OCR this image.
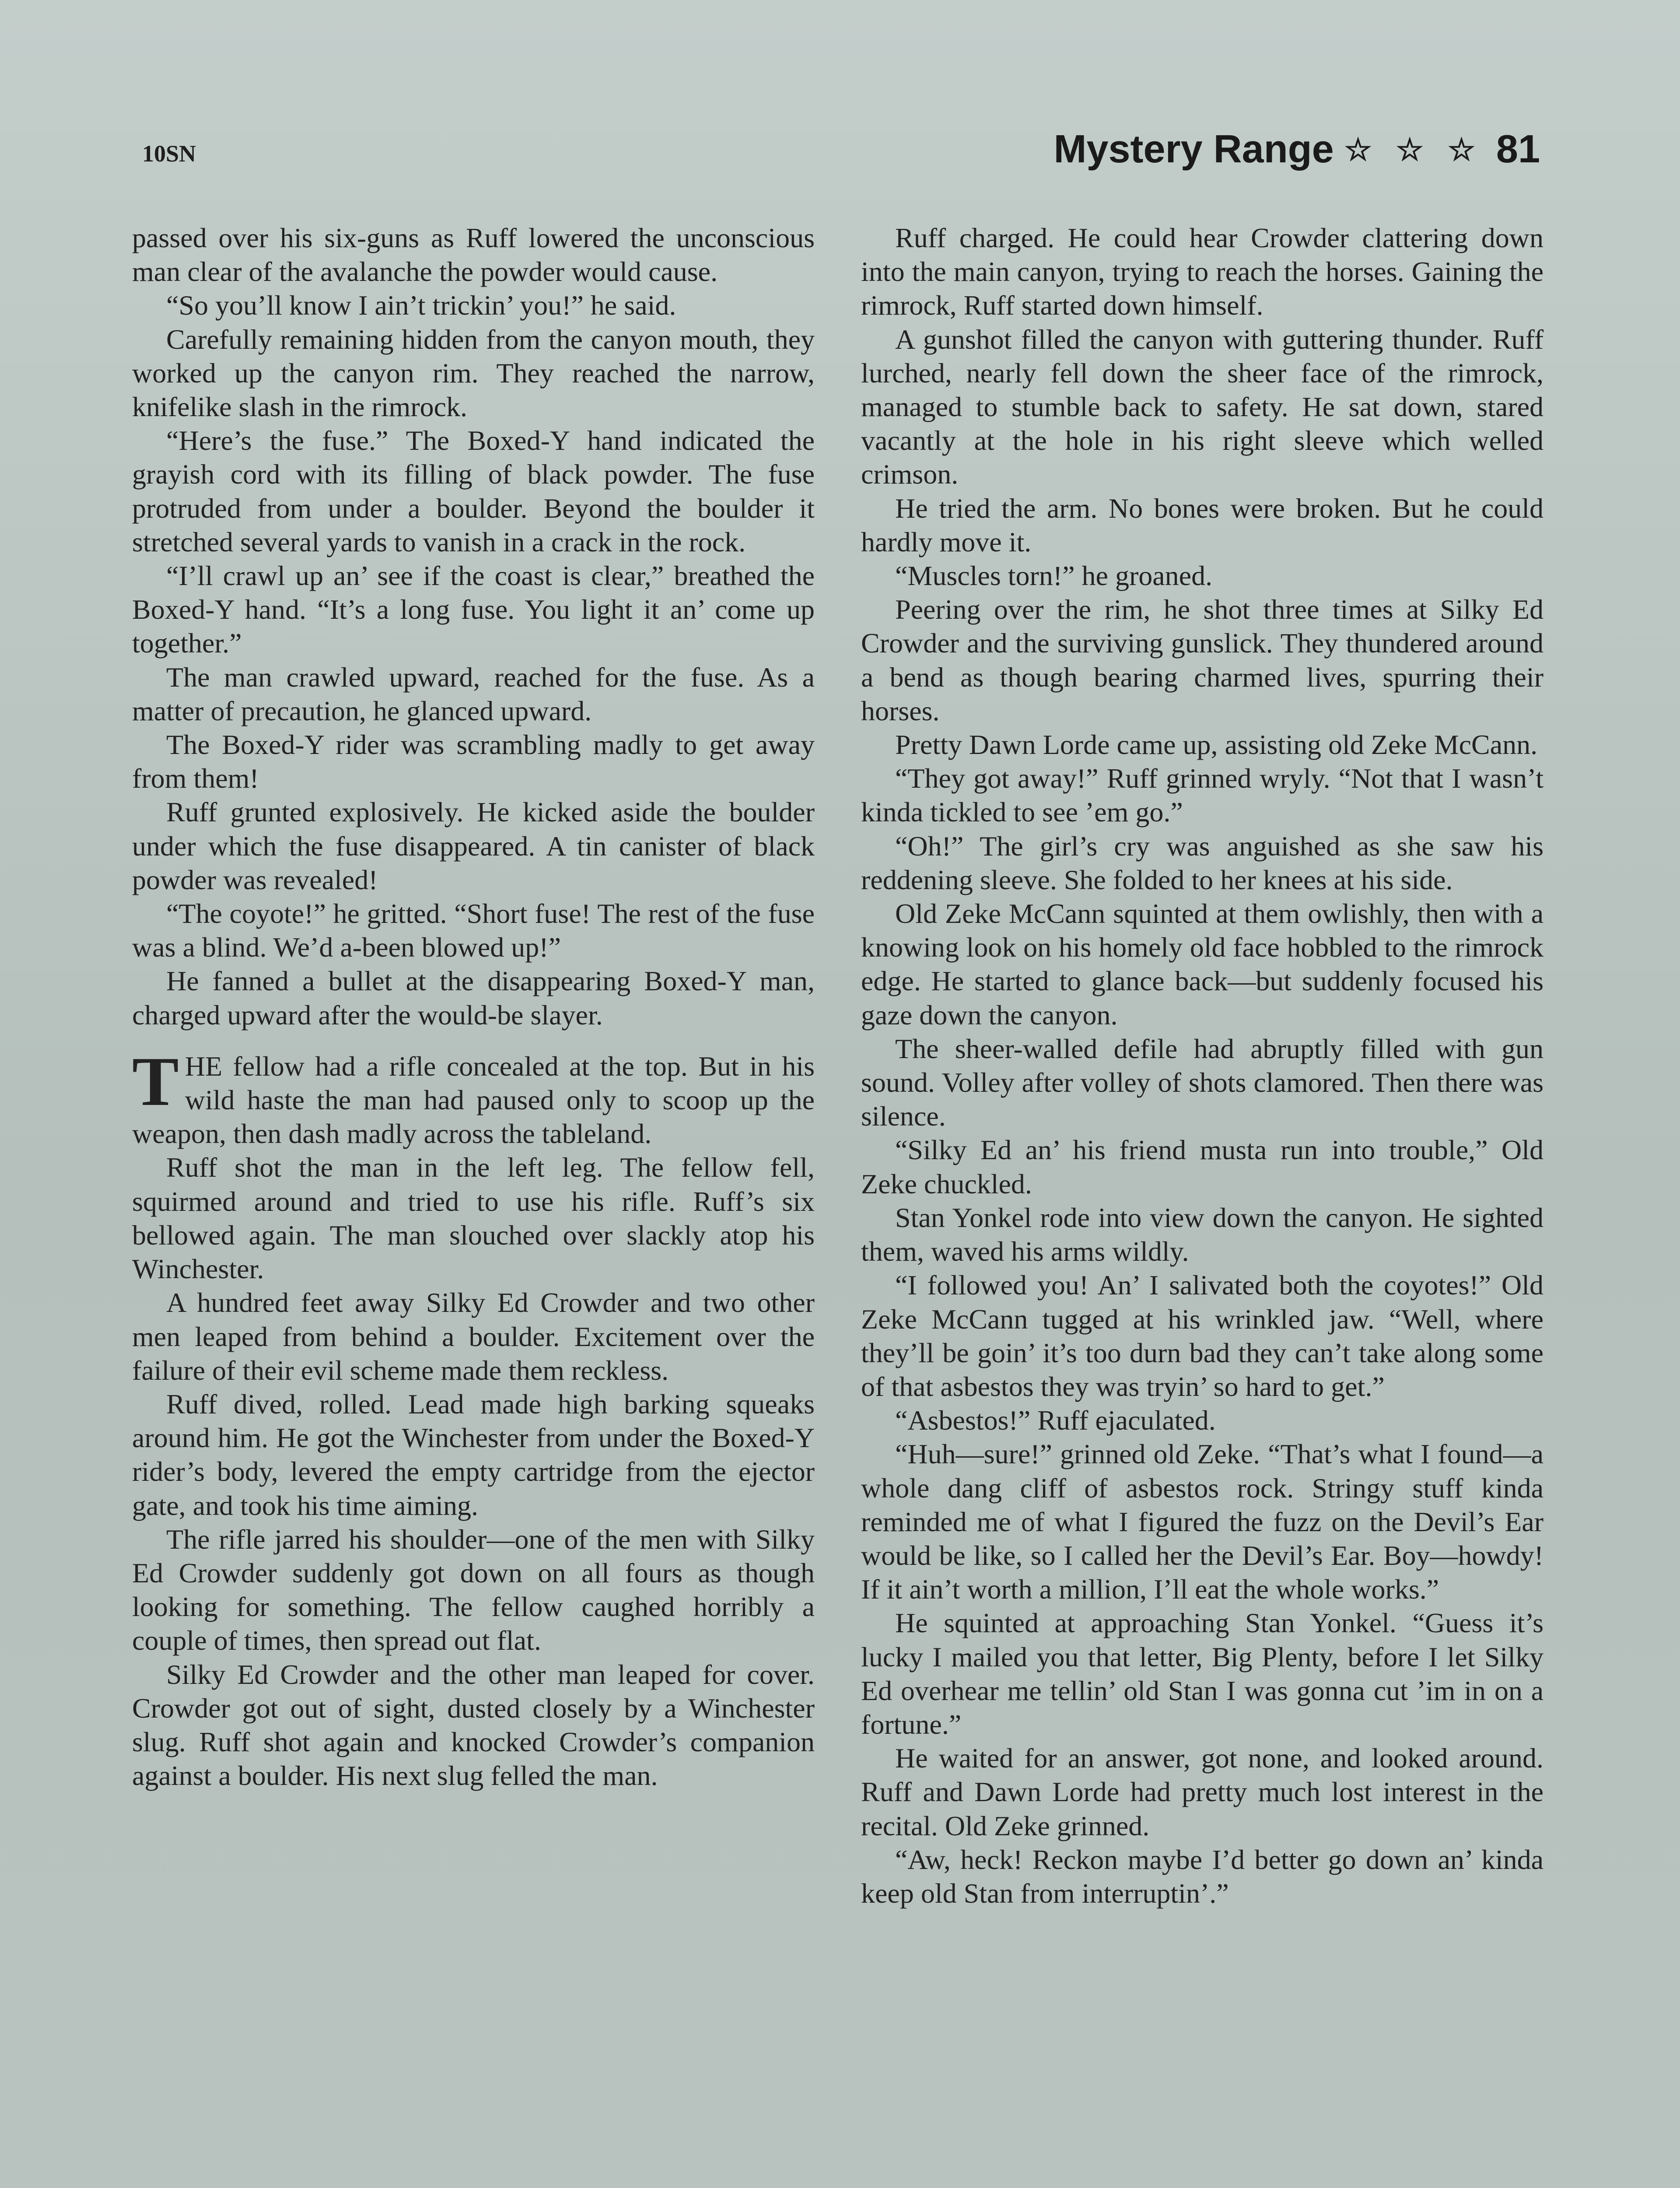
10SN	Mystery Range ☆ ☆ ☆ 81

passed over his six-guns as Ruff lowered the unconscious man clear of the avalanche the powder would cause.

“So you’ll know I ain’t trickin’ you!” he said.

Carefully remaining hidden from the canyon mouth, they worked up the canyon rim. They reached the narrow, knifelike slash in the rimrock.

“Here’s the fuse.” The Boxed-Y hand indicated the grayish cord with its filling of black powder. The fuse protruded from under a boulder. Beyond the boulder it stretched several yards to vanish in a crack in the rock.

“I’ll crawl up an’ see if the coast is clear,” breathed the Boxed-Y hand. “It’s a long fuse. You light it an’ come up together.”

The man crawled upward, reached for the fuse. As a matter of precaution, he glanced upward.

The Boxed-Y rider was scrambling madly to get away from them!

Ruff grunted explosively. He kicked aside the boulder under which the fuse disappeared. A tin canister of black powder was revealed!

“The coyote!” he gritted. “Short fuse! The rest of the fuse was a blind. We’d a-been blowed up!”

He fanned a bullet at the disappearing Boxed-Y man, charged upward after the would-be slayer.

THE fellow had a rifle concealed at the top. But in his wild haste the man had paused only to scoop up the weapon, then dash madly across the tableland.

Ruff shot the man in the left leg. The fellow fell, squirmed around and tried to use his rifle. Ruff’s six bellowed again. The man slouched over slackly atop his Winchester.

A hundred feet away Silky Ed Crowder and two other men leaped from behind a boulder. Excitement over the failure of their evil scheme made them reckless.

Ruff dived, rolled. Lead made high barking squeaks around him. He got the Winchester from under the Boxed-Y rider’s body, levered the empty cartridge from the ejector gate, and took his time aiming.

The rifle jarred his shoulder—one of the men with Silky Ed Crowder suddenly got down on all fours as though looking for something. The fellow caughed horribly a couple of times, then spread out flat.

Silky Ed Crowder and the other man leaped for cover. Crowder got out of sight, dusted closely by a Winchester slug. Ruff shot again and knocked Crowder’s companion against a boulder. His next slug felled the man.

Ruff charged. He could hear Crowder clattering down into the main canyon, trying to reach the horses. Gaining the rimrock, Ruff started down himself.

A gunshot filled the canyon with guttering thunder. Ruff lurched, nearly fell down the sheer face of the rimrock, managed to stumble back to safety. He sat down, stared vacantly at the hole in his right sleeve which welled crimson.

He tried the arm. No bones were broken. But he could hardly move it.

“Muscles torn!” he groaned.

Peering over the rim, he shot three times at Silky Ed Crowder and the surviving gunslick. They thundered around a bend as though bearing charmed lives, spurring their horses.

Pretty Dawn Lorde came up, assisting old Zeke McCann.

“They got away!” Ruff grinned wryly. “Not that I wasn’t kinda tickled to see ’em go.”

“Oh!” The girl’s cry was anguished as she saw his reddening sleeve. She folded to her knees at his side.

Old Zeke McCann squinted at them owlishly, then with a knowing look on his homely old face hobbled to the rimrock edge. He started to glance back—but suddenly focused his gaze down the canyon.

The sheer-walled defile had abruptly filled with gun sound. Volley after volley of shots clamored. Then there was silence.

“Silky Ed an’ his friend musta run into trouble,” Old Zeke chuckled.

Stan Yonkel rode into view down the canyon. He sighted them, waved his arms wildly.

“I followed you! An’ I salivated both the coyotes!” Old Zeke McCann tugged at his wrinkled jaw. “Well, where they’ll be goin’ it’s too durn bad they can’t take along some of that asbestos they was tryin’ so hard to get.”

“Asbestos!” Ruff ejaculated.

“Huh—sure!” grinned old Zeke. “That’s what I found—a whole dang cliff of asbestos rock. Stringy stuff kinda reminded me of what I figured the fuzz on the Devil’s Ear would be like, so I called her the Devil’s Ear. Boy—howdy! If it ain’t worth a million, I’ll eat the whole works.”

He squinted at approaching Stan Yonkel. “Guess it’s lucky I mailed you that letter, Big Plenty, before I let Silky Ed overhear me tellin’ old Stan I was gonna cut ’im in on a fortune.”

He waited for an answer, got none, and looked around. Ruff and Dawn Lorde had pretty much lost interest in the recital. Old Zeke grinned.

“Aw, heck! Reckon maybe I’d better go down an’ kinda keep old Stan from interruptin’.”
